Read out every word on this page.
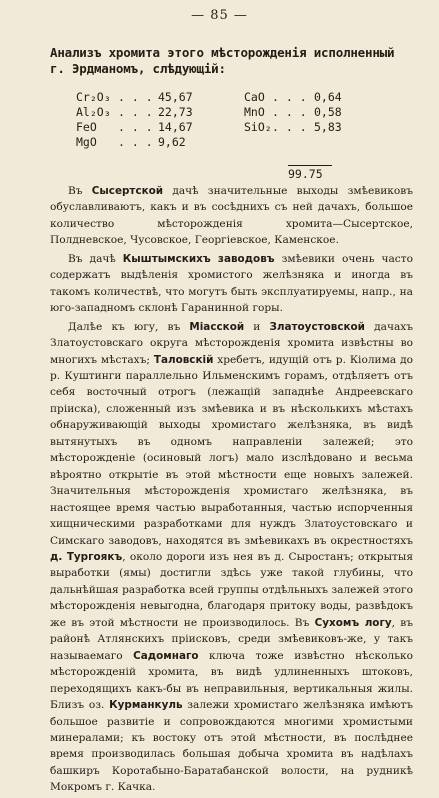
— 85 —
Анализъ хромита этого мѣсторожденія исполненный г. Эрдманомъ, слѣдующій:
Cr₂O₃ . . . 45,67	CaO . . . 0,64
Al₂O₃ . . . 22,73	MnO . . . 0,58
FeO . . . 14,67	SiO₂ . . . 5,83
MgO . . . 9,62
99.75

Въ Сысертской дачѣ значительные выходы змѣевиковъ обуславливаютъ, какъ и въ сосѣднихъ съ ней дачахъ, большое количество мѣсторожденія хромита—Сысертское, Полдневское, Чусовское, Георгіевское, Каменское.

Въ дачѣ Кыштымскихъ заводовъ змѣевики очень часто содержатъ выдѣленія хромистого желѣзняка и иногда въ такомъ количествѣ, что могутъ быть эксплуатируемы, напр., на юго-западномъ склонѣ Гаранинной горы.

Далѣе къ югу, въ Міасской и Златоустовской дачахъ Златоустовскаго округа мѣсторожденія хромита извѣстны во многихъ мѣстахъ; Таловскій хребетъ, идущій отъ р. Кіолима до р. Куштинги параллельно Ильменскимъ горамъ, отдѣляетъ отъ себя восточный отрогъ (лежащій западнѣе Андреевскаго пріиска), сложенный изъ змѣевика и въ нѣсколькихъ мѣстахъ обнаруживающій выходы хромистаго желѣзняка, въ видѣ вытянутыхъ въ одномъ направленіи залежей; это мѣсторожденіе (осиновый логъ) мало изслѣдовано и весьма вѣроятно открытіе въ этой мѣстности еще новыхъ залежей. Значительныя мѣсторожденія хромистаго желѣзняка, въ настоящее время частью выработанныя, частью испорченныя хищническими разработками для нуждъ Златоустовскаго и Симскаго заводовъ, находятся въ змѣевикахъ въ окрестностяхъ д. Тургоякъ, около дороги изъ нея въ д. Сыростанъ; открытыя выработки (ямы) достигли здѣсь уже такой глубины, что дальнѣйшая разработка всей группы отдѣльныхъ залежей этого мѣсторожденія невыгодна, благодаря притоку воды, развѣдокъ же въ этой мѣстности не производилось. Въ Сухомъ логу, въ районѣ Атлянскихъ пріисковъ, среди змѣевиковъ-же, у такъ называемаго Садомнаго ключа тоже извѣстно нѣсколько мѣсторожденій хромита, въ видѣ удлиненныхъ штоковъ, переходящихъ какъ-бы въ неправильныя, вертикальныя жилы. Близъ оз. Курманкуль залежи хромистаго желѣзняка имѣютъ большое развитіе и сопровождаются многими хромистыми минералами; къ востоку отъ этой мѣстности, въ послѣднее время производилась большая добыча хромита въ надѣлахъ башкиръ Коротабыно-Баратабанской волости, на рудникѣ Мокромъ г. Качка.
